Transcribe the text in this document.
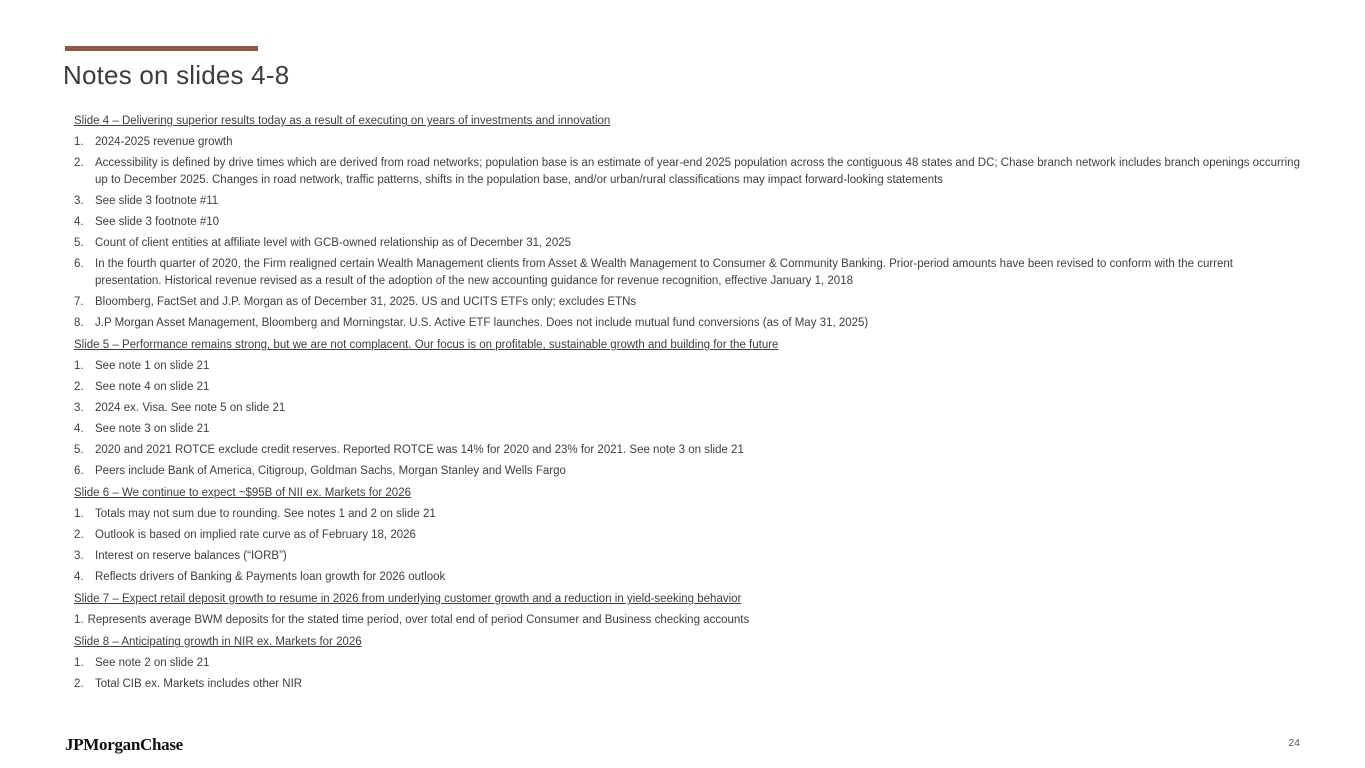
Notes on slides 4-8
Slide 4 – Delivering superior results today as a result of executing on years of investments and innovation
1. 2024-2025 revenue growth
2. Accessibility is defined by drive times which are derived from road networks; population base is an estimate of year-end 2025 population across the contiguous 48 states and DC; Chase branch network includes branch openings occurring up to December 2025. Changes in road network, traffic patterns, shifts in the population base, and/or urban/rural classifications may impact forward-looking statements
3. See slide 3 footnote #11
4. See slide 3 footnote #10
5. Count of client entities at affiliate level with GCB-owned relationship as of December 31, 2025
6. In the fourth quarter of 2020, the Firm realigned certain Wealth Management clients from Asset & Wealth Management to Consumer & Community Banking. Prior-period amounts have been revised to conform with the current presentation. Historical revenue revised as a result of the adoption of the new accounting guidance for revenue recognition, effective January 1, 2018
7. Bloomberg, FactSet and J.P. Morgan as of December 31, 2025. US and UCITS ETFs only; excludes ETNs
8. J.P Morgan Asset Management, Bloomberg and Morningstar. U.S. Active ETF launches. Does not include mutual fund conversions (as of May 31, 2025)
Slide 5 – Performance remains strong, but we are not complacent. Our focus is on profitable, sustainable growth and building for the future
1. See note 1 on slide 21
2. See note 4 on slide 21
3. 2024 ex. Visa. See note 5 on slide 21
4. See note 3 on slide 21
5. 2020 and 2021 ROTCE exclude credit reserves. Reported ROTCE was 14% for 2020 and 23% for 2021. See note 3 on slide 21
6. Peers include Bank of America, Citigroup, Goldman Sachs, Morgan Stanley and Wells Fargo
Slide 6 – We continue to expect ~$95B of NII ex. Markets for 2026
1. Totals may not sum due to rounding. See notes 1 and 2 on slide 21
2. Outlook is based on implied rate curve as of February 18, 2026
3. Interest on reserve balances (“IORB”)
4. Reflects drivers of Banking & Payments loan growth for 2026 outlook
Slide 7 – Expect retail deposit growth to resume in 2026 from underlying customer growth and a reduction in yield-seeking behavior
1. Represents average BWM deposits for the stated time period, over total end of period Consumer and Business checking accounts
Slide 8 – Anticipating growth in NIR ex. Markets for 2026
1. See note 2 on slide 21
2. Total CIB ex. Markets includes other NIR
JPMorganChase	24
